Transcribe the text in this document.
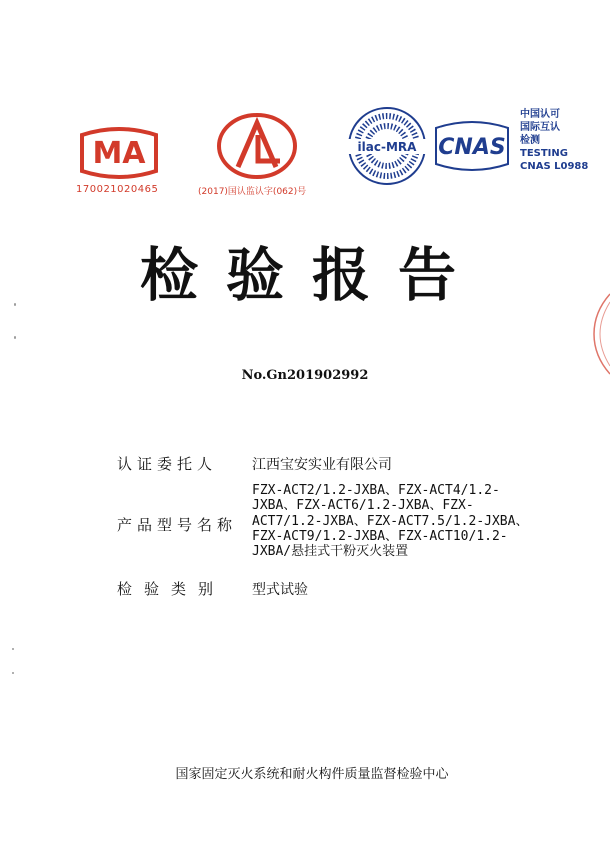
MA
170021020465	(2017)国认监认字(062)号
ilac-MRA CNAS
中国认可
国际互认
检测
TESTING
CNAS L0988
检验报告
No.Gn201902992
认证委托人 江西宝安实业有限公司
产品型号名称
FZX-ACT2/1.2-JXBA、FZX-ACT4/1.2-
JXBA、FZX-ACT6/1.2-JXBA、FZX-
ACT7/1.2-JXBA、FZX-ACT7.5/1.2-JXBA、
FZX-ACT9/1.2-JXBA、FZX-ACT10/1.2-
JXBA/悬挂式干粉灭火装置
检验类别 型式试验
国家固定灭火系统和耐火构件质量监督检验中心
